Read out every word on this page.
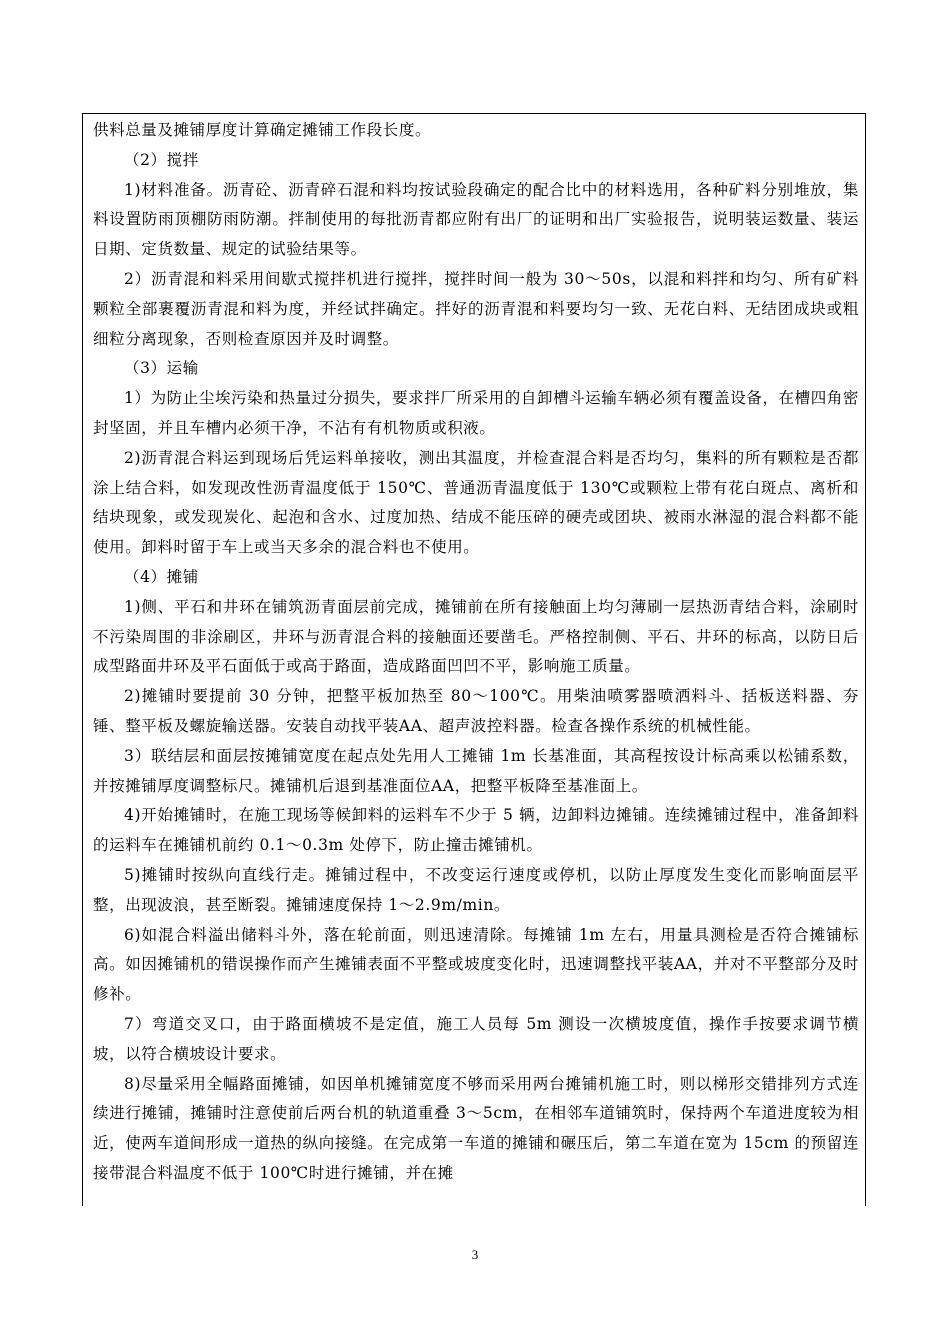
供料总量及摊铺厚度计算确定摊铺工作段长度。

（2）搅拌

1)材料准备。沥青砼、沥青碎石混和料均按试验段确定的配合比中的材料选用，各种矿料分别堆放，集料设置防雨顶棚防雨防潮。拌制使用的每批沥青都应附有出厂的证明和出厂实验报告，说明装运数量、装运日期、定货数量、规定的试验结果等。

2）沥青混和料采用间歇式搅拌机进行搅拌，搅拌时间一般为 30～50s，以混和料拌和均匀、所有矿料颗粒全部裹覆沥青混和料为度，并经试拌确定。拌好的沥青混和料要均匀一致、无花白料、无结团成块或粗细粒分离现象，否则检查原因并及时调整。

（3）运输

1）为防止尘埃污染和热量过分损失，要求拌厂所采用的自卸槽斗运输车辆必须有覆盖设备，在槽四角密封坚固，并且车槽内必须干净，不沾有有机物质或积液。

2)沥青混合料运到现场后凭运料单接收，测出其温度，并检查混合料是否均匀，集料的所有颗粒是否都涂上结合料，如发现改性沥青温度低于 150℃、普通沥青温度低于 130℃或颗粒上带有花白斑点、离析和结块现象，或发现炭化、起泡和含水、过度加热、结成不能压碎的硬壳或团块、被雨水淋湿的混合料都不能使用。卸料时留于车上或当天多余的混合料也不使用。

（4）摊铺

1)侧、平石和井环在铺筑沥青面层前完成，摊铺前在所有接触面上均匀薄刷一层热沥青结合料，涂刷时不污染周围的非涂刷区，井环与沥青混合料的接触面还要凿毛。严格控制侧、平石、井环的标高，以防日后成型路面井环及平石面低于或高于路面，造成路面凹凹不平，影响施工质量。

2)摊铺时要提前 30 分钟，把整平板加热至 80～100℃。用柴油喷雾器喷洒料斗、括板送料器、夯锤、整平板及螺旋输送器。安装自动找平装AA、超声波控料器。检查各操作系统的机械性能。

3）联结层和面层按摊铺宽度在起点处先用人工摊铺 1m 长基准面，其高程按设计标高乘以松铺系数，并按摊铺厚度调整标尺。摊铺机后退到基准面位AA，把整平板降至基准面上。

4)开始摊铺时，在施工现场等候卸料的运料车不少于 5 辆，边卸料边摊铺。连续摊铺过程中，准备卸料的运料车在摊铺机前约 0.1～0.3m 处停下，防止撞击摊铺机。

5)摊铺时按纵向直线行走。摊铺过程中，不改变运行速度或停机，以防止厚度发生变化而影响面层平整，出现波浪，甚至断裂。摊铺速度保持 1～2.9m/min。

6)如混合料溢出储料斗外，落在轮前面，则迅速清除。每摊铺 1m 左右，用量具测检是否符合摊铺标高。如因摊铺机的错误操作而产生摊铺表面不平整或坡度变化时，迅速调整找平装AA，并对不平整部分及时修补。

7）弯道交叉口，由于路面横坡不是定值，施工人员每 5m 测设一次横坡度值，操作手按要求调节横坡，以符合横坡设计要求。

8)尽量采用全幅路面摊铺，如因单机摊铺宽度不够而采用两台摊铺机施工时，则以梯形交错排列方式连续进行摊铺，摊铺时注意使前后两台机的轨道重叠 3～5cm，在相邻车道铺筑时，保持两个车道进度较为相近，使两车道间形成一道热的纵向接缝。在完成第一车道的摊铺和碾压后，第二车道在宽为 15cm 的预留连接带混合料温度不低于 100℃时进行摊铺，并在摊

3
